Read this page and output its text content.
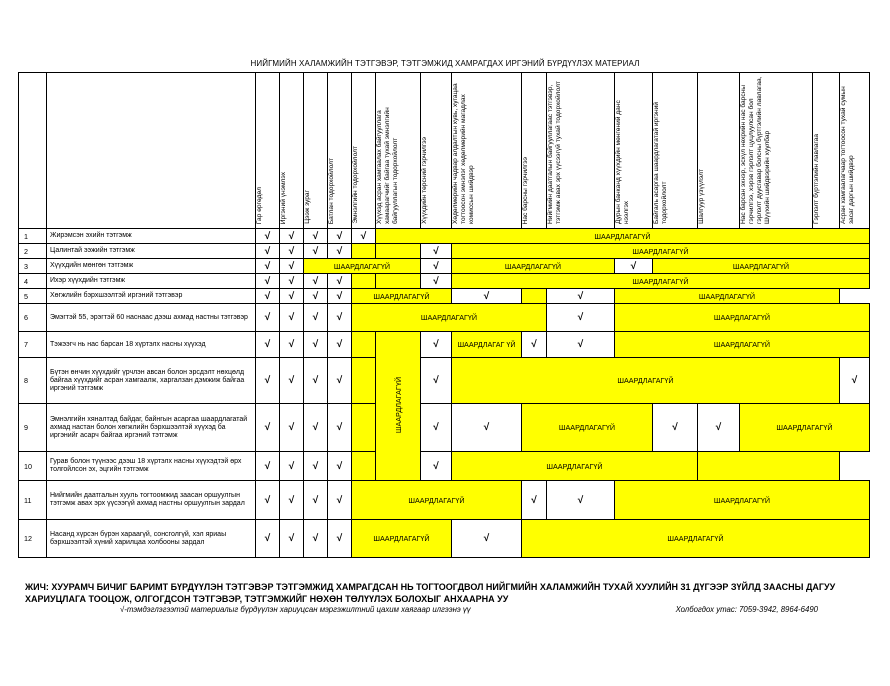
НИЙГМИЙН ХАЛАМЖИЙН ТЭТГЭВЭР, ТЭТГЭМЖИД ХАМРАГДАХ ИРГЭНИЙ БҮРДҮҮЛЭХ МАТЕРИАЛ
		Гар өргөдөл	Иргэний үнэмлэх	Цээж зураг	Батлан тодорхойлолт	Эмнэлгийн тодорхойлолт	Хүүхэд асран хамгаалах байгууллага хамаарагчийг байгаа тухай эмнэлгийн байгууллагын тодорхойлолт	Хүүхдийн төрсний гэрчилгээ	Хөдөлмөрийн чадвар алдалтын хувь, хугацаа тогтоосон эмнэлэг хөдөлмөрийн магадлах комиссын шийдвэр	Нас барсны гэрчилгээ	Нийгмийн даатгалын байгууллагаас тэтгэвэр, тэтгэмж авах эрх үүсээгүй тухай тодорхойлолт	Дурын банканд хүүхдийн мөнгөний данс нээлгэх	Байгаль асаргаа шаардлагатай иргэний тодорхойлолт	Шалгуур үзүүлэлт	Нас барсан эхнэр, эсхүл нөхрийн нас барсны гэрчилгээ, хэрэв гэрлэлт цуцлуулсан бол гэрлэлт дуусгавар болсны бүртгэлийн лавлагаа, Шүүхийн шийдвэрийн хуулбар	Гэрлэлт бүртгэлийн лавлагаа	Асран хамгаалагчаар тогтоосон тухай сумын засаг даргын шийдвэр
1	Жирэмсэн эхийн тэтгэмж	√	√	√	√	√	ШААРДЛАГАГҮЙ										
2	Цалинтай ээжийн тэтгэмж	√	√	√	√			√	ШААРДЛАГАГҮЙ								
3	Хүүхдийн мөнгөн тэтгэмж	√	√	ШААРДЛАГАГҮЙ				√	ШААРДЛАГАГҮЙ			√	ШААРДЛАГАГҮЙ				
4	Ихэр хүүхдийн тэтгэмж	√	√	√	√			√	ШААРДЛАГАГҮЙ								
5	Хөгжлийн бэрхшээлтэй иргэний тэтгэвэр	√	√	√	√	ШААРДЛАГАГҮЙ			√		√	ШААРДЛАГАГҮЙ					
6	Эмэгтэй 55, эрэгтэй 60 наснаас дээш ахмад настны тэтгэвэр	√	√	√	√	ШААРДЛАГАГҮЙ					√	ШААРДЛАГАГҮЙ					
7	Тэжээгч нь нас барсан 18 хүртэлх насны хүүхэд	√	√	√	√		ШААРДЛАГАГҮЙ	√	ШААРДЛАГАГ ҮЙ	√	√	ШААРДЛАГАГҮЙ					
8	Бүтэн өнчин хүүхдийг үрчлэн авсан болон эрсдэлт нөхцөлд байгаа хүүхдийг асран хамгаалж, харгалзан дэмжиж байгаа иргэний тэтгэмж	√	√	√	√			√	ШААРДЛАГАГҮЙ								√
9	Эмнэлгийн хяналтад байдаг, байнгын асаргаа шаардлагатай ахмад настан болон хөгжлийн бэрхшээлтэй хүүхэд ба иргэнийг асарч байгаа иргэний тэтгэмж	√	√	√	√			√	√	ШААРДЛАГАГҮЙ			√	√	ШААРДЛАГАГҮЙ		
10	Гурав болон түүнээс дээш 18 хүртэлх насны хүүхэдтэй өрх толгойлсон эх, эцгийн тэтгэмж	√	√	√	√			√	ШААРДЛАГАГҮЙ								
11	Нийгмийн даатгалын хууль тогтоомжид заасан оршуулгын тэтгэмж авах эрх үүсээгүй ахмад настны оршуулгын зардал	√	√	√	√	ШААРДЛАГАГҮЙ				√	√	ШААРДЛАГАГҮЙ					
12	Насанд хүрсэн бүрэн хараагүй, сонсголгүй, хэл яриаы бэрхшээлтэй хүний харилцаа холбооны зардал	√	√	√	√	ШААРДЛАГАГҮЙ			√	ШААРДЛАГАГҮЙ							
ЖИЧ: ХУУРАМЧ БИЧИГ БАРИМТ БҮРДҮҮЛЭН ТЭТГЭВЭР ТЭТГЭМЖИД ХАМРАГДСАН НЬ ТОГТООГДВОЛ НИЙГМИЙН ХАЛАМЖИЙН ТУХАЙ ХУУЛИЙН 31 ДҮГЭЭР ЗҮЙЛД ЗААСНЫ ДАГУУ ХАРИУЦЛАГА ТООЦОЖ, ОЛГОГДСОН ТЭТГЭВЭР, ТЭТГЭМЖИЙГ НӨХӨН ТӨЛҮҮЛЭХ БОЛОХЫГ АНХААРНА УУ
√-тэмдэглэгээтэй материалыг бүрдүүлэн хариуцсан мэргэжилтний цахим хаягаар илгээнэ үү	Холбогдох утас: 7059-3942, 8964-6490
